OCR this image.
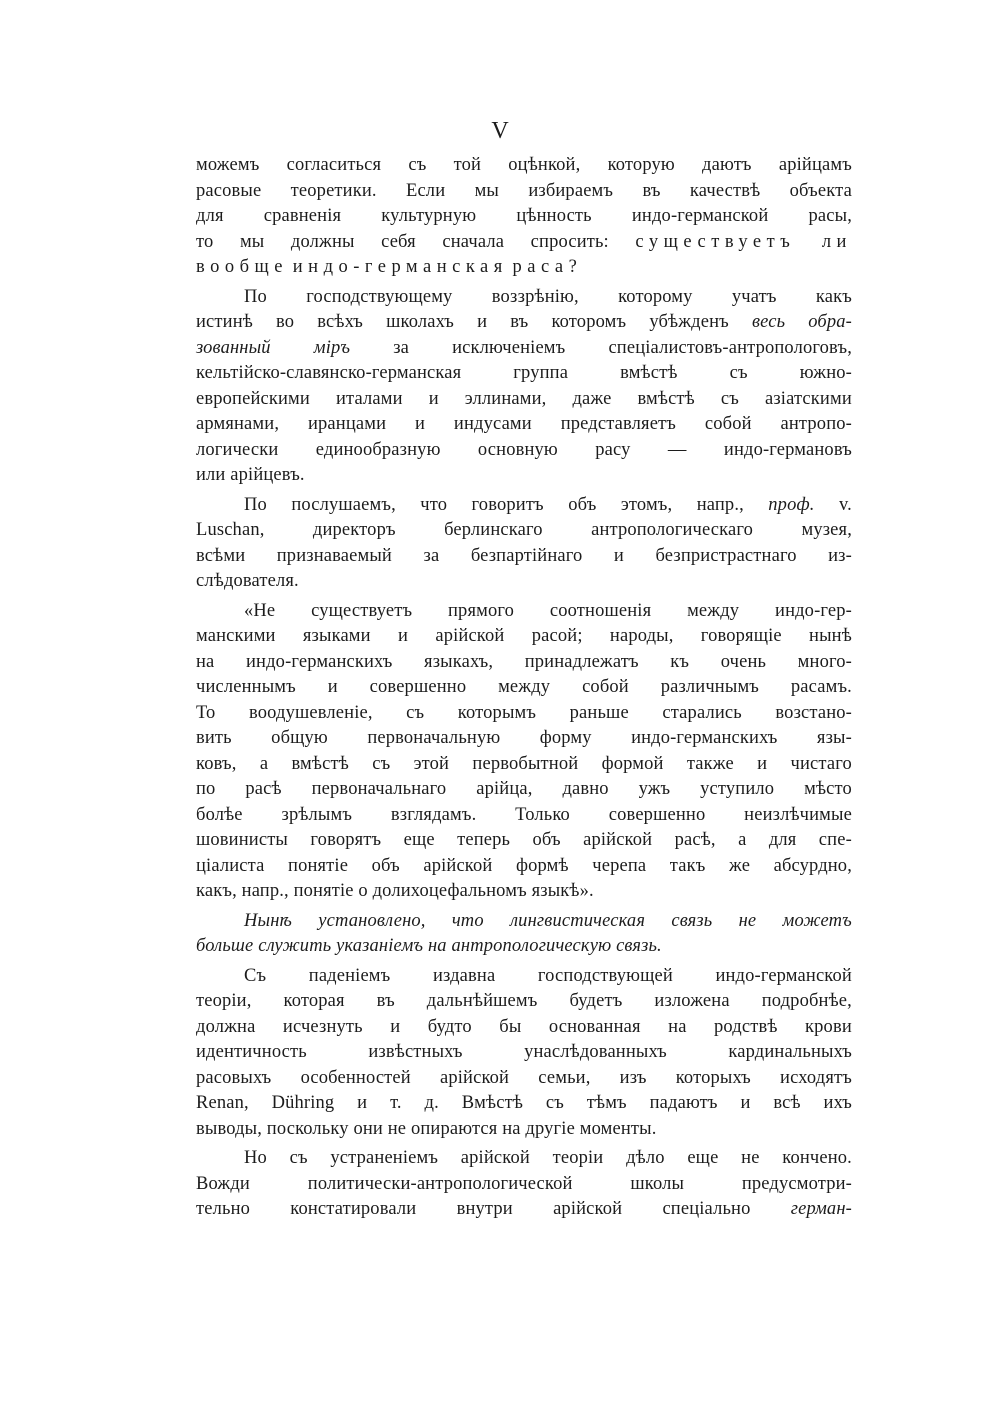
V
можемъ согласиться съ той оцѣнкой, которую даютъ арійцамъ
расовые теоретики. Если мы избираемъ въ качествѣ объекта
для сравненія культурную цѣнность индо-германской расы,
то мы должны себя сначала спросить: существуетъ ли
вообще
индо-германская
раса?
По господствующему воззрѣнію, которому учатъ какъ
истинѣ во всѣхъ школахъ и въ которомъ убѣжденъ весь обра-
зованный міръ за исключеніемъ спеціалистовъ-антропологовъ,
кельтійско-славянско-германская	группа	вмѣстѣ	съ	южно-
европейскими италами и эллинами, даже вмѣстѣ съ азіатскими
армянами, иранцами и индусами представляетъ собой антропо-
логически единообразную основную расу — индо-германовъ
или
арійцевъ.
По послушаемъ, что говоритъ объ этомъ, напр., проф. v.
Luschan,	директоръ	берлинскаго	антропологическаго	музея,
всѣми признаваемый за безпартійнаго и безпристрастнаго из-
слѣдователя.
«Не существуетъ прямого соотношенія между индо-гер-
манскими языками и арійской расой; народы, говорящіе нынѣ
на индо-германскихъ языкахъ, принадлежатъ къ очень много-
численнымъ и совершенно между собой различнымъ расамъ.
То воодушевленіе, съ которымъ раньше старались возстано-
вить общую первоначальную форму индо-германскихъ язы-
ковъ, а вмѣстѣ съ этой первобытной формой также и чистаго
по расѣ первоначальнаго арійца, давно ужъ уступило мѣсто
болѣе зрѣлымъ взглядамъ. Только совершенно неизлѣчимые
шовинисты говорятъ еще теперь объ арійской расѣ, а для спе-
ціалиста понятіе объ арійской формѣ черепа такъ же абсурдно,
какъ,
напр.,
понятіе
о
долихоцефальномъ
языкѣ».
Нынѣ установлено, что лингвистическая связь не можетъ
больше
служить
указаніемъ
на
антропологическую
связь.
Съ паденіемъ издавна господствующей индо-германской
теоріи, которая въ дальнѣйшемъ будетъ изложена подробнѣе,
должна исчезнуть и будто бы основанная на родствѣ крови
идентичность	извѣстныхъ	унаслѣдованныхъ	кардинальныхъ
расовыхъ особенностей арійской семьи, изъ которыхъ исходятъ
Renan, Dühring и т. д. Вмѣстѣ съ тѣмъ падаютъ и всѣ ихъ
выводы,
поскольку
они
не
опираются
на
другіе
моменты.
Но съ устраненіемъ арійской теоріи дѣло еще не кончено.
Вожди	политически-антропологической	школы	предусмотри-
тельно констатировали внутри арійской спеціально герман-
